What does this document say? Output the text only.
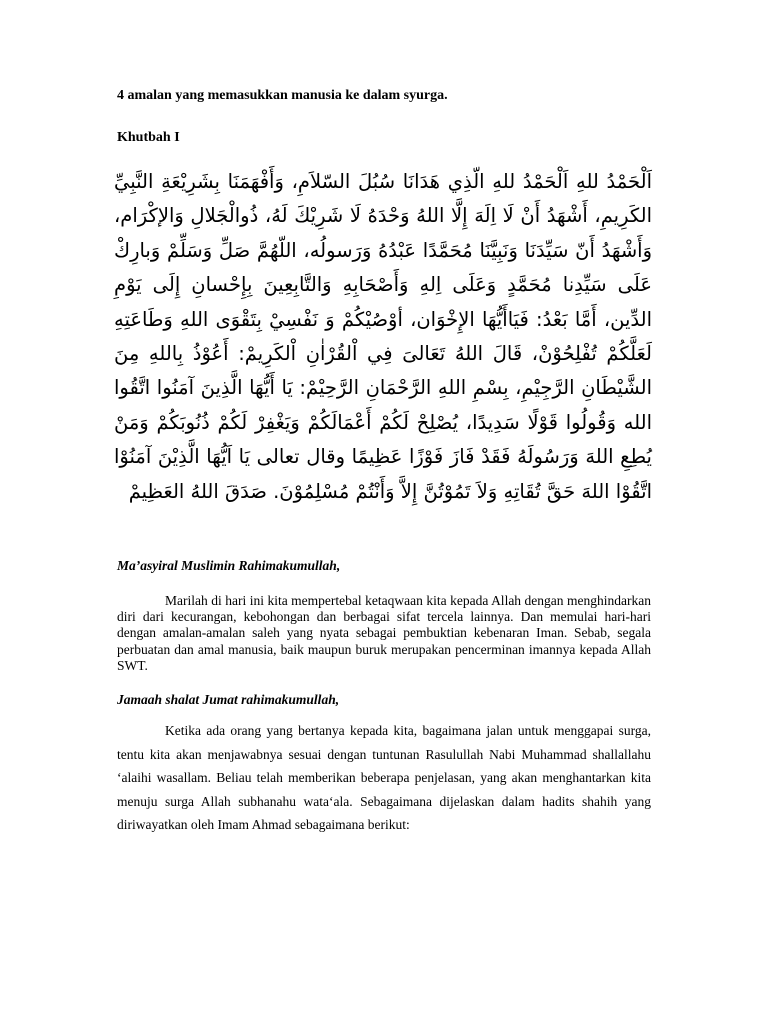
4 amalan yang memasukkan manusia ke dalam syurga.
Khutbah I
اَلْحَمْدُ للهِ اَلْحَمْدُ للهِ الّذِي هَدَانَا سُبُلَ السّلاَمِ، وَأَفْهَمَنَا بِشَرِيْعَةِ النَّبِيِّ الكَرِيمِ، أَشْهَدُ أَنْ لَا اِلَهَ إِلَّا اللهُ وَحْدَهُ لَا شَرِيْكَ لَهُ، ذُوالْجَلالِ وَالإكْرَام، وَأَشْهَدُ أَنّ سَيِّدَنَا وَنَبِيَّنَا مُحَمَّدًا عَبْدُهُ وَرَسولُه، اللّهُمَّ صَلِّ وَسَلِّمْ وَبارِكْ عَلَى سَيِّدِنا مُحَمَّدٍ وَعَلَى اِلهِ وَأَصْحَابِهِ وَالتَّابِعِينَ بِإِحْسانِ إِلَى يَوْمِ الدِّين، أَمَّا بَعْدُ: فَيَاأَيُّهَا الإِخْوَان، أوْصُيْكُمْ وَ نَفْسِيْ بِتَقْوَى اللهِ وَطَاعَتِهِ لَعَلَّكُمْ تُفْلِحُوْنْ، قَالَ اللهُ تَعَالىَ فِي اْلقُرْاٰنِ اْلكَرِيمْ: أَعُوْذُ بِاللهِ مِنَ الشَّيْطَانِ الرَّجِيْمِ، بِسْمِ اللهِ الرَّحْمَانِ الرَّحِيْمْ: يَا أَيُّهَا الَّذِينَ آمَنُوا اتَّقُوا الله وَقُولُوا قَوْلًا سَدِيدًا، يُصْلِحْ لَكُمْ أَعْمَالَكُمْ وَيَغْفِرْ لَكُمْ ذُنُوبَكُمْ وَمَنْ يُطِعِ اللهَ وَرَسُولَهُ فَقَدْ فَازَ فَوْزًا عَظِيمًا وقال تعالى يَا اَيُّهَا الَّذِيْنَ آمَنُوْا اتَّقُوْا اللهَ حَقَّ تُقَاتِهِ وَلاَ تَمُوْتُنَّ إِلاَّ وَأَنْتُمْ مُسْلِمُوْنَ. صَدَقَ اللهُ العَظِيمْ
Ma’asyiral Muslimin Rahimakumullah,

Marilah di hari ini kita mempertebal ketaqwaan kita kepada Allah dengan menghindarkan diri dari kecurangan, kebohongan dan berbagai sifat tercela lainnya. Dan memulai hari-hari dengan amalan-amalan saleh yang nyata sebagai pembuktian kebenaran Iman. Sebab, segala perbuatan dan amal manusia, baik maupun buruk merupakan pencerminan imannya kepada Allah SWT.

Jamaah shalat Jumat rahimakumullah,

Ketika ada orang yang bertanya kepada kita, bagaimana jalan untuk menggapai surga, tentu kita akan menjawabnya sesuai dengan tuntunan Rasulullah Nabi Muhammad shallallahu ‘alaihi wasallam. Beliau telah memberikan beberapa penjelasan, yang akan menghantarkan kita menuju surga Allah subhanahu wata‘ala. Sebagaimana dijelaskan dalam hadits shahih yang diriwayatkan oleh Imam Ahmad sebagaimana berikut:
